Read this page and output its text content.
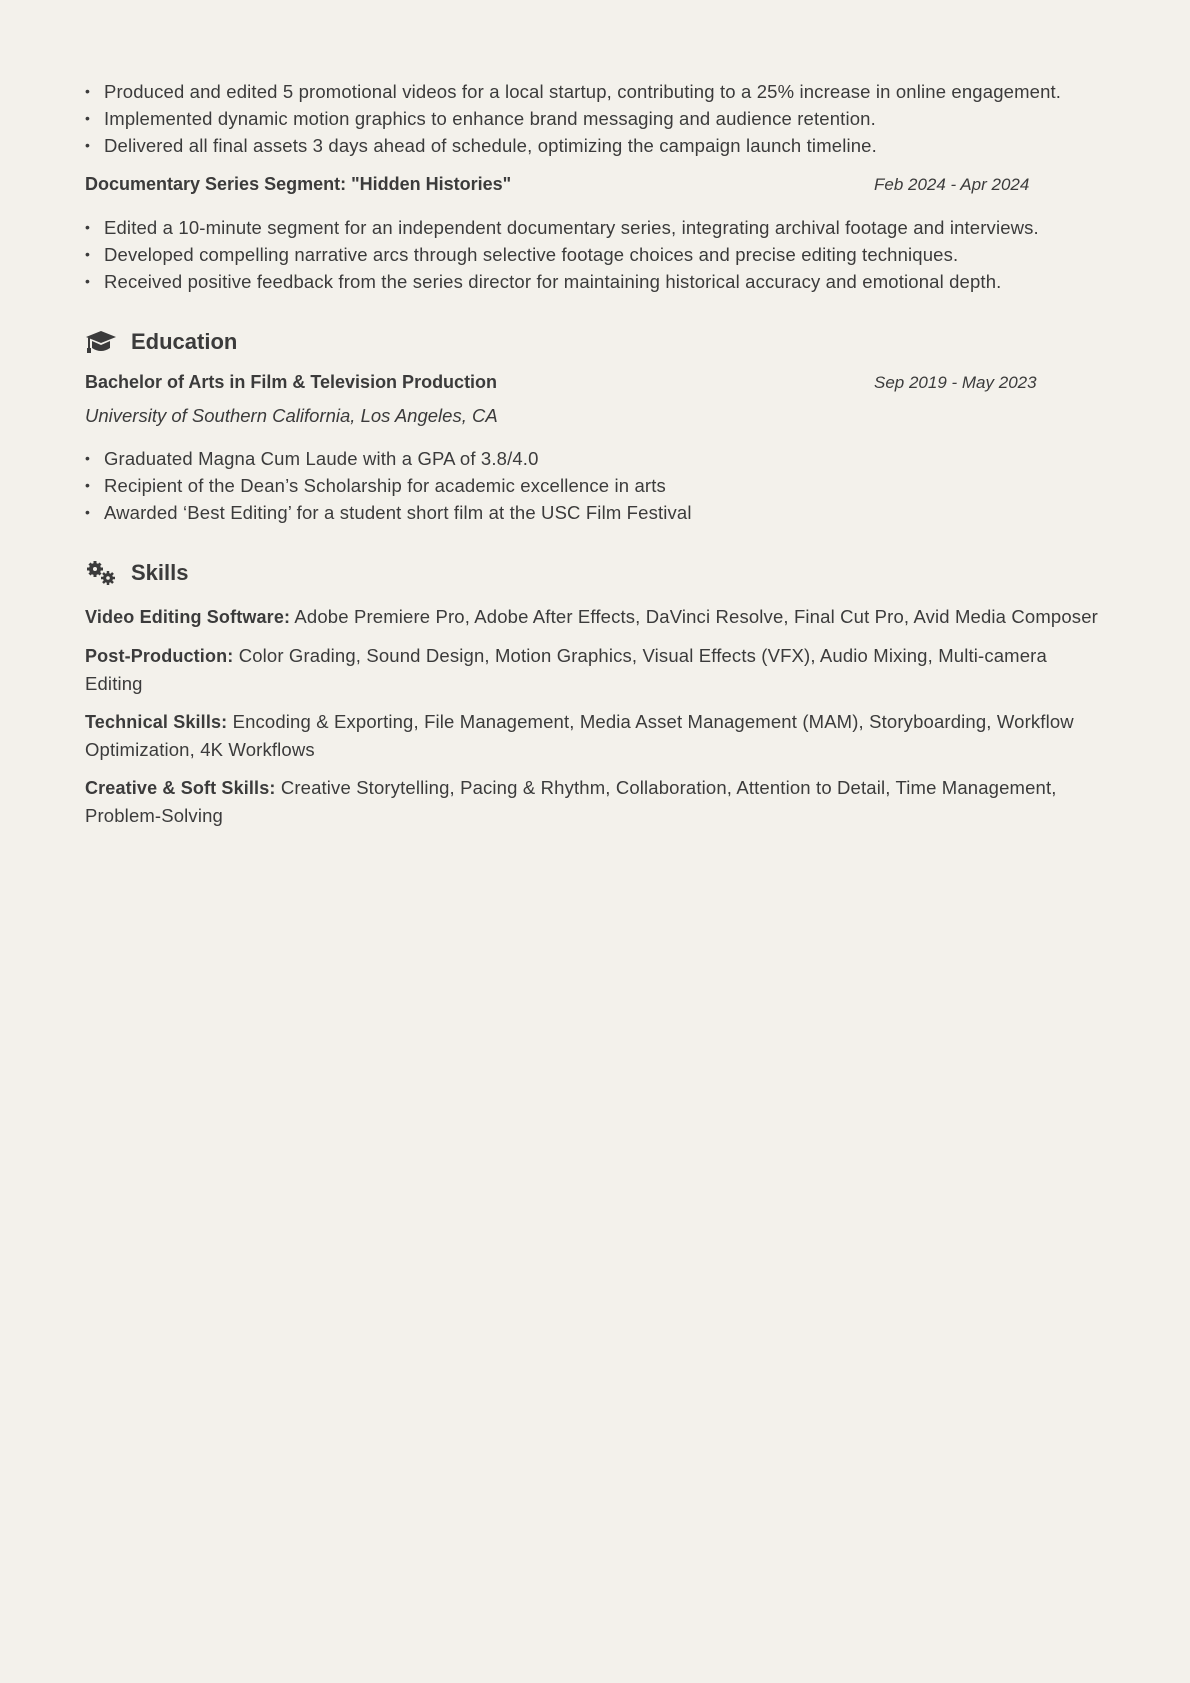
• Produced and edited 5 promotional videos for a local startup, contributing to a 25% increase in online engagement.
• Implemented dynamic motion graphics to enhance brand messaging and audience retention.
• Delivered all final assets 3 days ahead of schedule, optimizing the campaign launch timeline.
Documentary Series Segment: "Hidden Histories"	Feb 2024 - Apr 2024
• Edited a 10-minute segment for an independent documentary series, integrating archival footage and interviews.
• Developed compelling narrative arcs through selective footage choices and precise editing techniques.
• Received positive feedback from the series director for maintaining historical accuracy and emotional depth.
Education
Bachelor of Arts in Film & Television Production	Sep 2019 - May 2023
University of Southern California, Los Angeles, CA
• Graduated Magna Cum Laude with a GPA of 3.8/4.0
• Recipient of the Dean’s Scholarship for academic excellence in arts
• Awarded ‘Best Editing’ for a student short film at the USC Film Festival
Skills
Video Editing Software: Adobe Premiere Pro, Adobe After Effects, DaVinci Resolve, Final Cut Pro, Avid Media Composer
Post-Production: Color Grading, Sound Design, Motion Graphics, Visual Effects (VFX), Audio Mixing, Multi-camera Editing
Technical Skills: Encoding & Exporting, File Management, Media Asset Management (MAM), Storyboarding, Workflow Optimization, 4K Workflows
Creative & Soft Skills: Creative Storytelling, Pacing & Rhythm, Collaboration, Attention to Detail, Time Management, Problem-Solving
